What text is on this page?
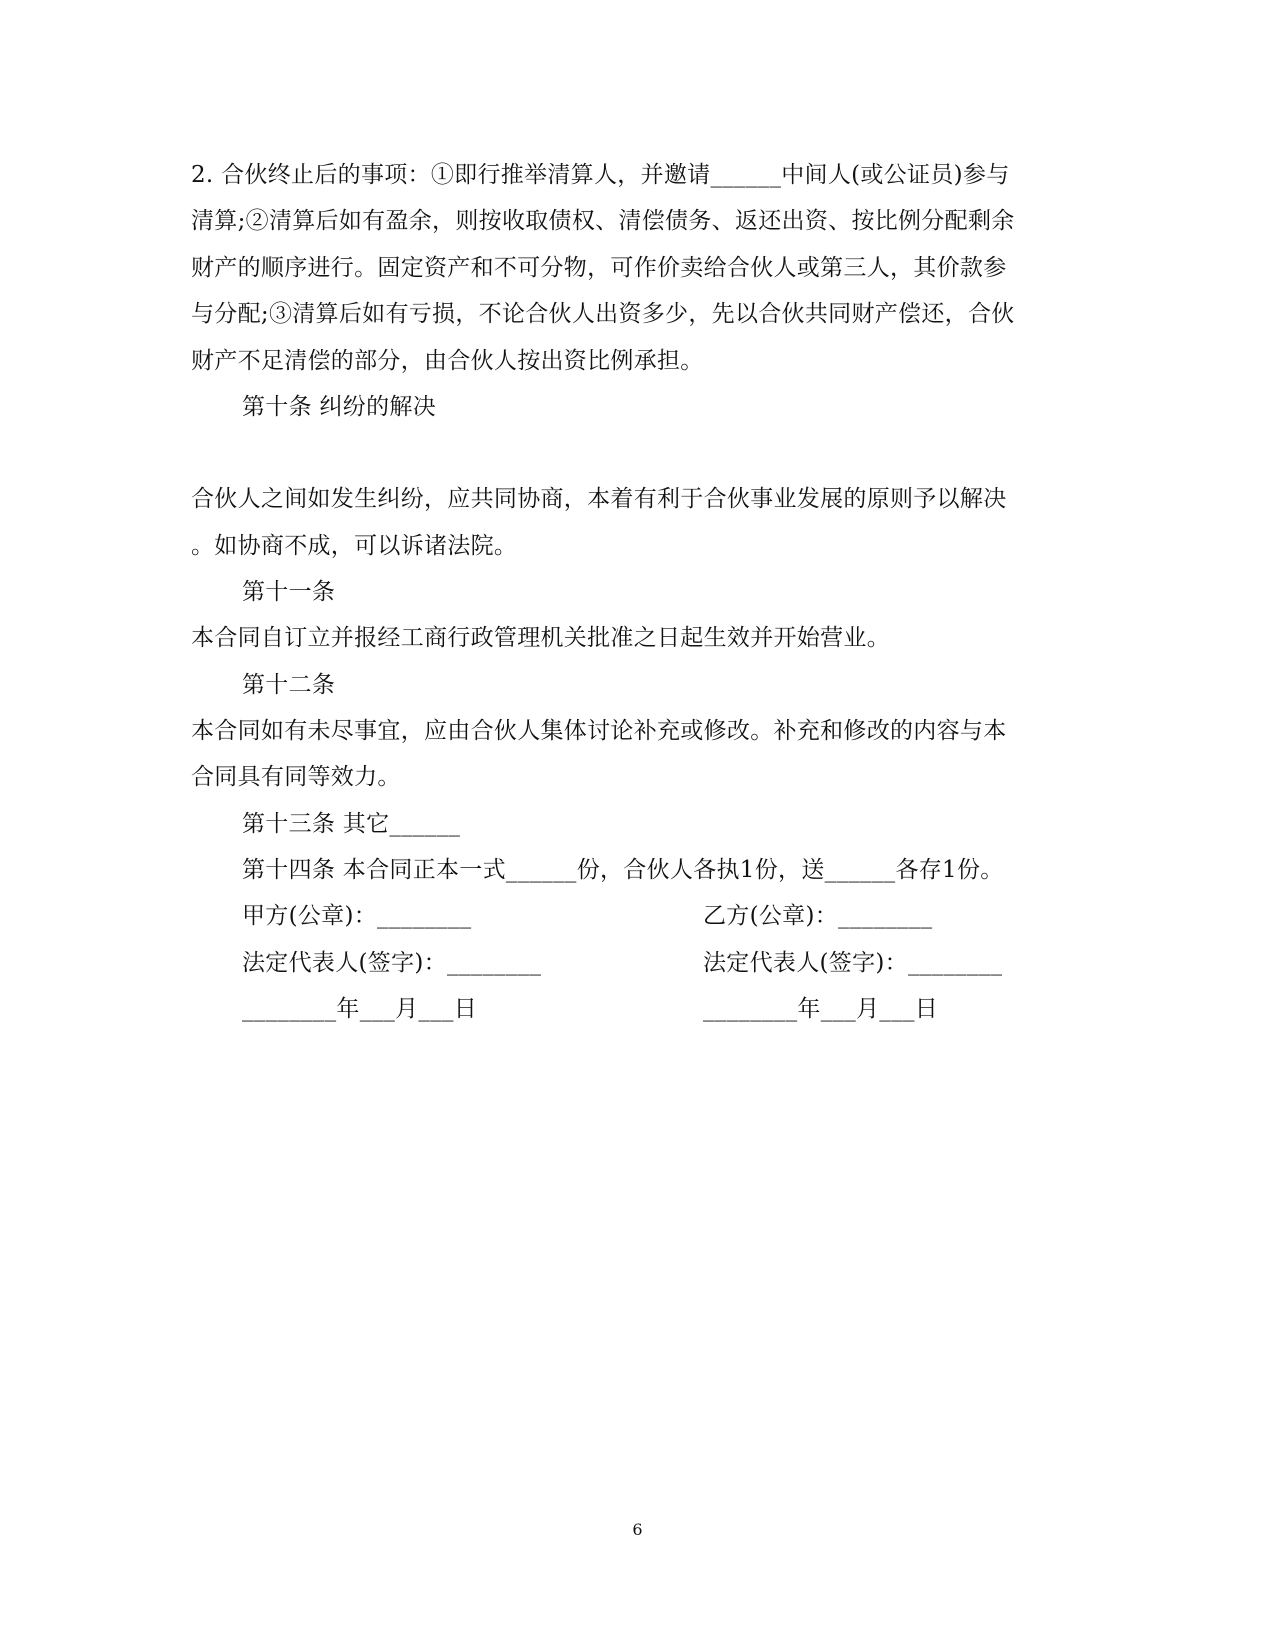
2. 合伙终止后的事项：①即行推举清算人，并邀请______中间人(或公证员)参与
清算;②清算后如有盈余，则按收取债权、清偿债务、返还出资、按比例分配剩余
财产的顺序进行。固定资产和不可分物，可作价卖给合伙人或第三人，其价款参
与分配;③清算后如有亏损，不论合伙人出资多少，先以合伙共同财产偿还，合伙
财产不足清偿的部分，由合伙人按出资比例承担。
第十条 纠纷的解决
合伙人之间如发生纠纷，应共同协商，本着有利于合伙事业发展的原则予以解决
。如协商不成，可以诉诸法院。
第十一条
本合同自订立并报经工商行政管理机关批准之日起生效并开始营业。
第十二条
本合同如有未尽事宜，应由合伙人集体讨论补充或修改。补充和修改的内容与本
合同具有同等效力。
第十三条 其它______
第十四条 本合同正本一式______份，合伙人各执1份，送______各存1份。
甲方(公章)：________	乙方(公章)：________
法定代表人(签字)：________	法定代表人(签字)：________
________年___月___日	________年___月___日
6
